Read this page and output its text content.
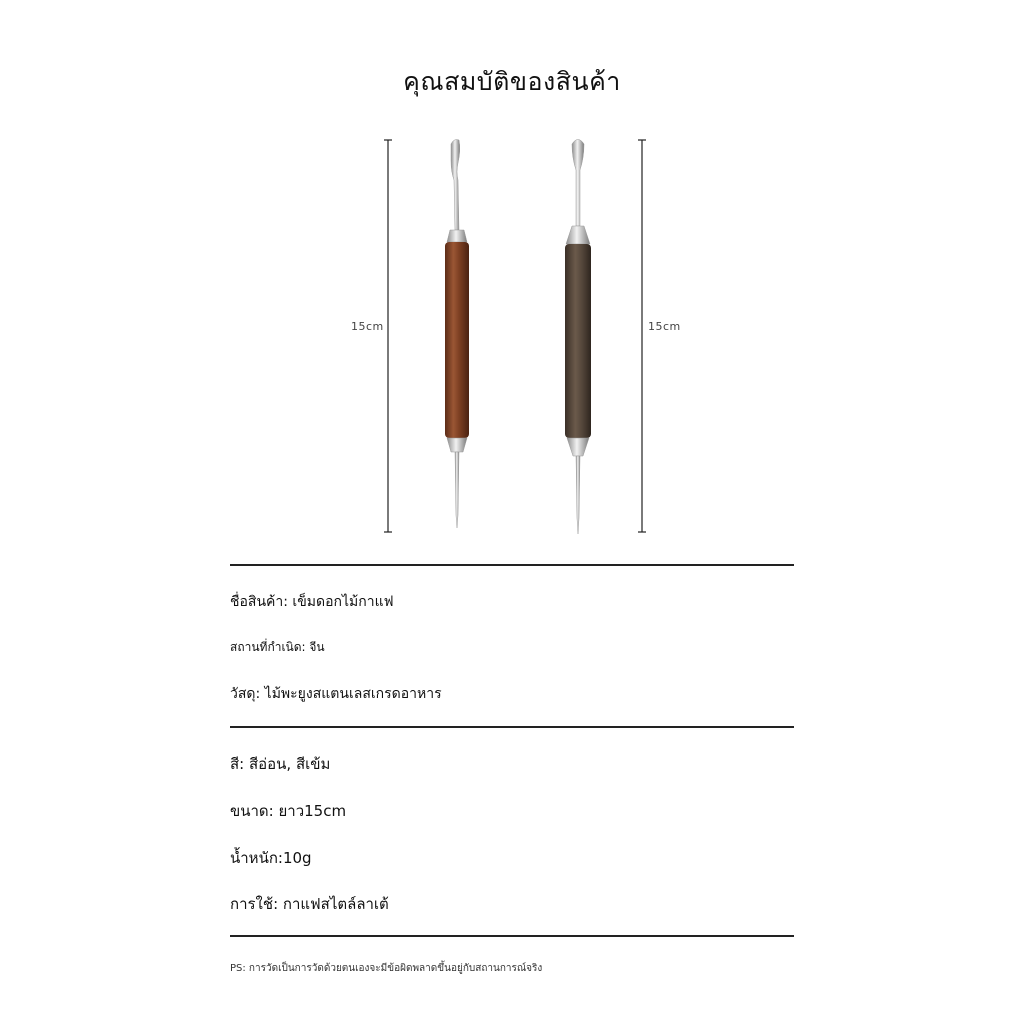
คุณสมบัติของสินค้า
15cm	15cm
ชื่อสินค้า: เข็มดอกไม้กาแฟ
สถานที่กำเนิด: จีน
วัสดุ: ไม้พะยูงสแตนเลสเกรดอาหาร
สี: สีอ่อน, สีเข้ม
ขนาด: ยาว15cm
น้ำหนัก:10g
การใช้: กาแฟสไตล์ลาเต้
PS: การวัดเป็นการวัดด้วยตนเองจะมีข้อผิดพลาดขึ้นอยู่กับสถานการณ์จริง
